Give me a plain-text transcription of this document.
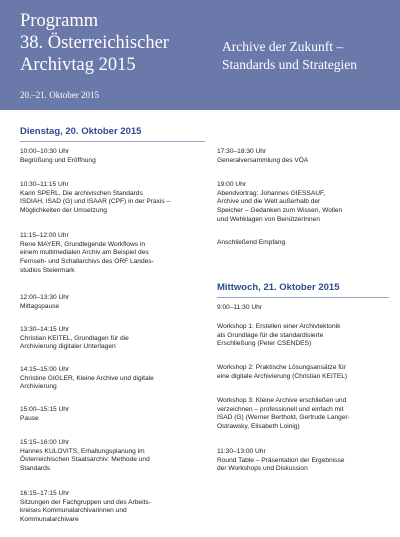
Programm
38. Österreichischer
Archivtag 2015
Archive der Zukunft –
Standards und Strategien
20.–21. Oktober 2015
Dienstag, 20. Oktober 2015
10:00–10:30 Uhr
Begrüßung und Eröffnung
10:30–11:15 Uhr
Karin SPERL, Die archivischen Standards
ISDIAH, ISAD (G) und ISAAR (CPF) in der Praxis –
Möglichkeiten der Umsetzung
11:15–12:00 Uhr
Rene MAYER, Grundlegende Workflows in
einem multimedialen Archiv am Beispiel des
Fernseh- und Schallarchivs des ORF Landes-
studios Steiermark
12:00–13:30 Uhr
Mittagspause
13:30–14:15 Uhr
Christian KEITEL, Grundlagen für die
Archivierung digitaler Unterlagen
14:15–15:00 Uhr
Christine GIGLER, Kleine Archive und digitale
Archivierung
15:00–15:15 Uhr
Pause
15:15–16:00 Uhr
Hannes KULOVITS, Erhaltungsplanung im
Österreichischen Staatsarchiv: Methode und
Standards
16:15–17:15 Uhr
Sitzungen der Fachgruppen und des Arbeits-
kreises Kommunalarchivarinnen und
Kommunalarchivare
17:30–18:30 Uhr
Generalversammlung des VÖA
19:00 Uhr
Abendvortrag: Johannes GIESSAUF,
Archive und die Welt außerhalb der
Speicher – Gedanken zum Wissen, Wollen
und Wehklagen von BenützerInnen
Anschließend Empfang
Mittwoch, 21. Oktober 2015
9:00–11:30 Uhr
Workshop 1: Erstellen einer Archivtektonik
als Grundlage für die standardisierte
Erschließung (Peter CSENDES)
Workshop 2: Praktische Lösungsansätze für
eine digitale Archivierung (Christian KEITEL)
Workshop 3: Kleine Archive erschließen und
verzeichnen – professionell und einfach mit
ISAD (G) (Werner Berthold, Gertrude Langer-
Ostrawsky, Elisabeth Loinig)
11:30–13:00 Uhr
Round Table – Präsentation der Ergebnisse
der Workshops und Diskussion
